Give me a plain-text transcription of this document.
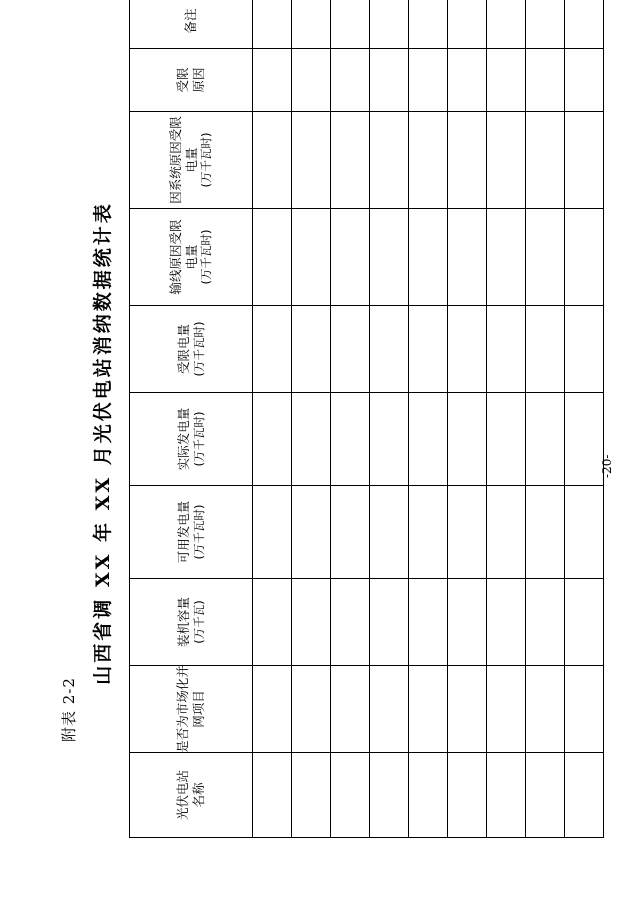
附表 2-2
-20-
山西省调 XX 年 XX 月光伏电站消纳数据统计表
光伏电站 名称	是否为市场化并 网项目	装机容量 (万千瓦)	可用发电量 (万千瓦时)	实际发电量 (万千瓦时)	受限电量 (万千瓦时)	输线原因受限 电量 (万千瓦时)	因系统原因受限 电量 (万千瓦时)	受限 原因	备注
